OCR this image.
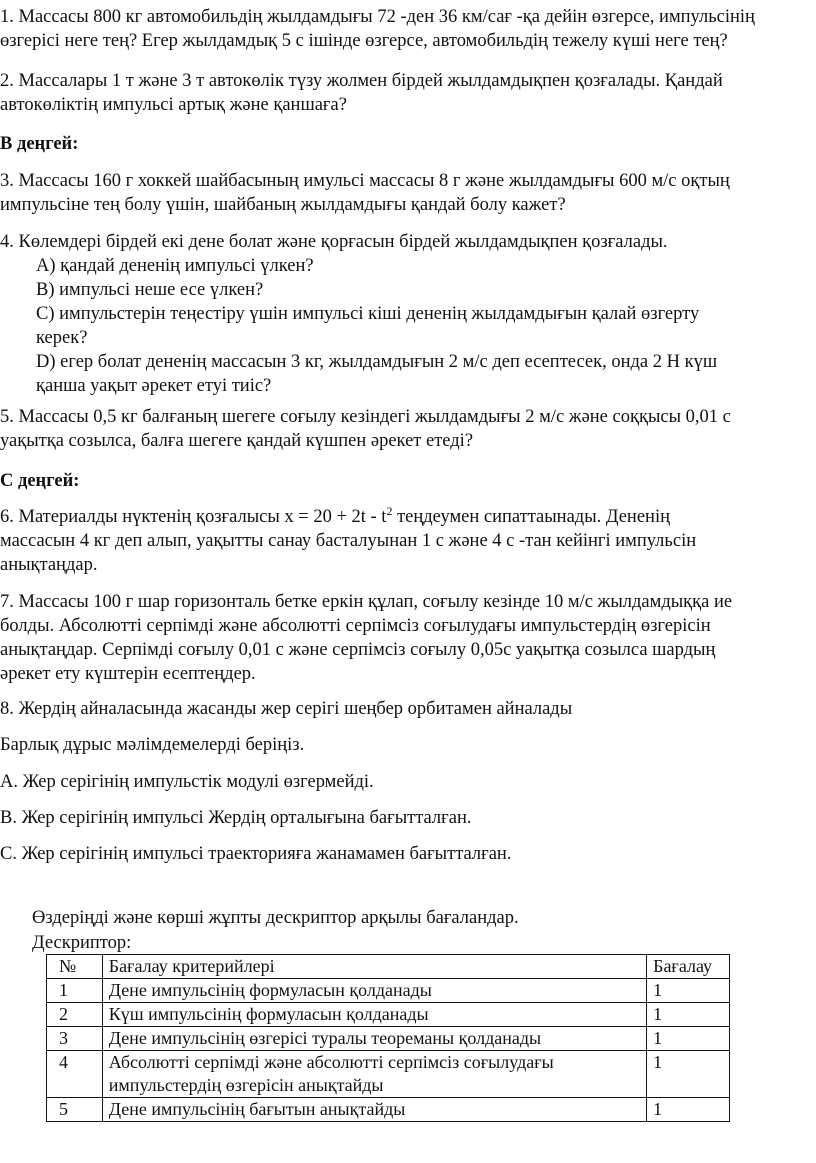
1. Массасы 800 кг автомобильдің жылдамдығы 72 -ден 36 км/сағ -қа дейін өзгерсе, импульсінің
өзгерісі неге тең? Егер жылдамдық 5 с ішінде өзгерсе, автомобильдің тежелу күші неге тең?
2. Массалары 1 т және 3 т автокөлік түзу жолмен бірдей жылдамдықпен қозғалады. Қандай
автокөліктің импульсі артық және қаншаға?

В деңгей:

3. Массасы 160 г хоккей шайбасының имульсі массасы 8 г және жылдамдығы 600 м/с оқтың
импульсіне тең болу үшін, шайбаның жылдамдығы қандай болу кажет?
4. Көлемдері бірдей екі дене болат және қорғасын бірдей жылдамдықпен қозғалады.
A) қандай дененің импульсі үлкен?
B) импульсі неше есе үлкен?
C) импульстерін теңестіру үшін импульсі кіші дененің жылдамдығын қалай өзгерту
керек?
D) егер болат дененің массасын 3 кг, жылдамдығын 2 м/с деп есептесек, онда 2 Н күш
қанша уақыт әрекет етуі тиіс?
5. Массасы 0,5 кг балғаның шегеге соғылу кезіндегі жылдамдығы 2 м/с және соққысы 0,01 с
уақытқа созылса, балға шегеге қандай күшпен әрекет етеді?

С деңгей:

6. Материалды нүктенің қозғалысы $х = 20 + 2t - t^2$ теңдеумен сипаттаынады. Дененің
массасын 4 кг деп алып, уақытты санау басталуынан 1 с және 4 с -тан кейінгі импульсін
анықтаңдар.
7. Массасы 100 г шар горизонталь бетке еркін құлап, соғылу кезінде 10 м/с жылдамдыққа ие
болды. Абсолютті серпімді және абсолютті серпімсіз соғылудағы импульстердің өзгерісін
анықтаңдар. Серпімді соғылу 0,01 с және серпімсіз соғылу 0,05с уақытқа созылса шардың
әрекет ету күштерін есептеңдер.
8. Жердің айналасында жасанды жер серігі шеңбер орбитамен айналады
Барлық дұрыс мәлімдемелерді беріңіз.
А. Жер серігінің импульстік модулі өзгермейді.
В. Жер серігінің импульсі Жердің орталығына бағытталған.
С. Жер серігінің импульсі траекторияға жанамамен бағытталған.

Өздеріңді және көрші жұпты дескриптор арқылы бағаландар.

Дескриптор:

№	Бағалау критерийлері	Бағалау
1	Дене импульсінің формуласын қолданады	1
2	Күш импульсінің формуласын қолданады	1
3	Дене импульсінің өзгерісі туралы теореманы қолданады	1
4	Абсолютті серпімді және абсолютті серпімсіз соғылудағы
импульстердің өзгерісін анықтайды	1
5	Дене импульсінің бағытын анықтайды	1
